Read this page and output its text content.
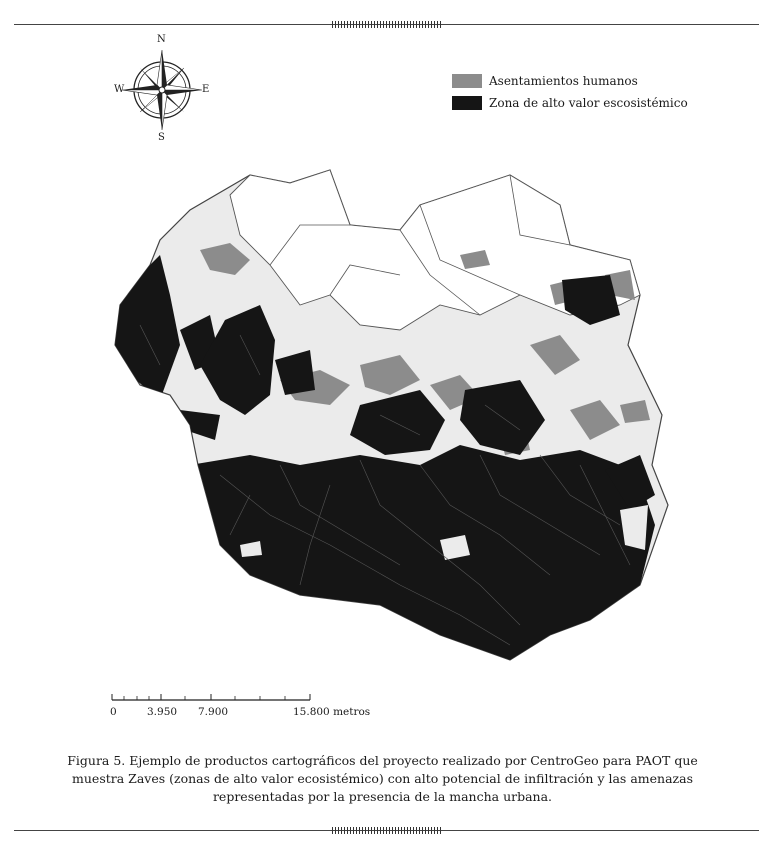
N
S
E
W
Asentamientos humanos
Zona de alto valor escosistémico
0	3.950 7.900	15.800 metros
Figura 5. Ejemplo de productos cartográficos del proyecto realizado por CentroGeo para PAOT que muestra Zaves (zonas de alto valor ecosistémico) con alto potencial de infiltración y las amenazas representadas por la presencia de la mancha urbana.
